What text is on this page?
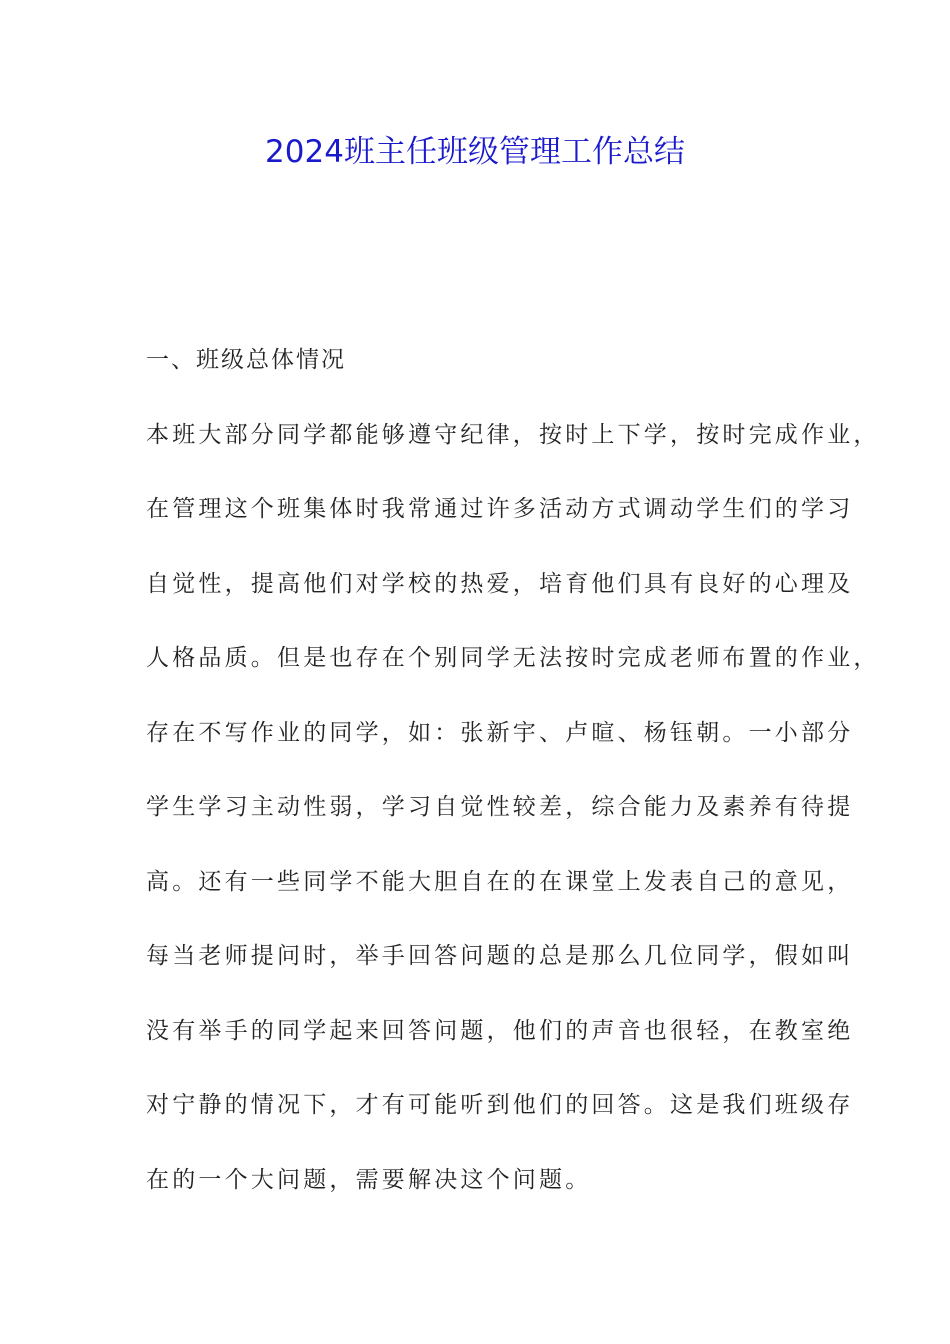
2024班主任班级管理工作总结
一、班级总体情况
本班大部分同学都能够遵守纪律，按时上下学，按时完成作业，
在管理这个班集体时我常通过许多活动方式调动学生们的学习
自觉性，提高他们对学校的热爱，培育他们具有良好的心理及
人格品质。但是也存在个别同学无法按时完成老师布置的作业，
存在不写作业的同学，如：张新宇、卢暄、杨钰朝。一小部分
学生学习主动性弱，学习自觉性较差，综合能力及素养有待提
高。还有一些同学不能大胆自在的在课堂上发表自己的意见，
每当老师提问时，举手回答问题的总是那么几位同学，假如叫
没有举手的同学起来回答问题，他们的声音也很轻，在教室绝
对宁静的情况下，才有可能听到他们的回答。这是我们班级存
在的一个大问题，需要解决这个问题。
